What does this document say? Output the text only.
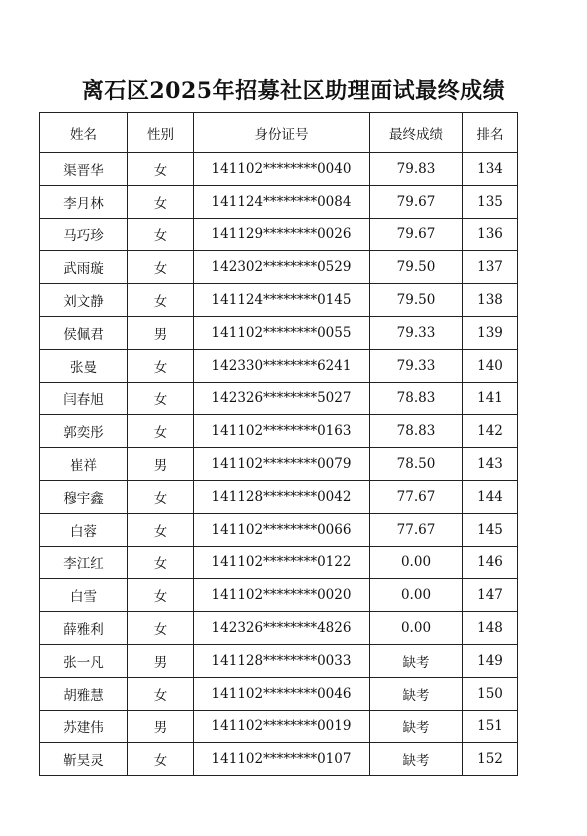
离石区2025年招募社区助理面试最终成绩
姓名	性别	身份证号	最终成绩	排名
渠晋华	女	141102********0040	79.83	134
李月林	女	141124********0084	79.67	135
马巧珍	女	141129********0026	79.67	136
武雨璇	女	142302********0529	79.50	137
刘文静	女	141124********0145	79.50	138
侯佩君	男	141102********0055	79.33	139
张曼	女	142330********6241	79.33	140
闫春旭	女	142326********5027	78.83	141
郭奕彤	女	141102********0163	78.83	142
崔祥	男	141102********0079	78.50	143
穆宇鑫	女	141128********0042	77.67	144
白蓉	女	141102********0066	77.67	145
李江红	女	141102********0122	0.00	146
白雪	女	141102********0020	0.00	147
薛雅利	女	142326********4826	0.00	148
张一凡	男	141128********0033	缺考	149
胡雅慧	女	141102********0046	缺考	150
苏建伟	男	141102********0019	缺考	151
靳昊灵	女	141102********0107	缺考	152
